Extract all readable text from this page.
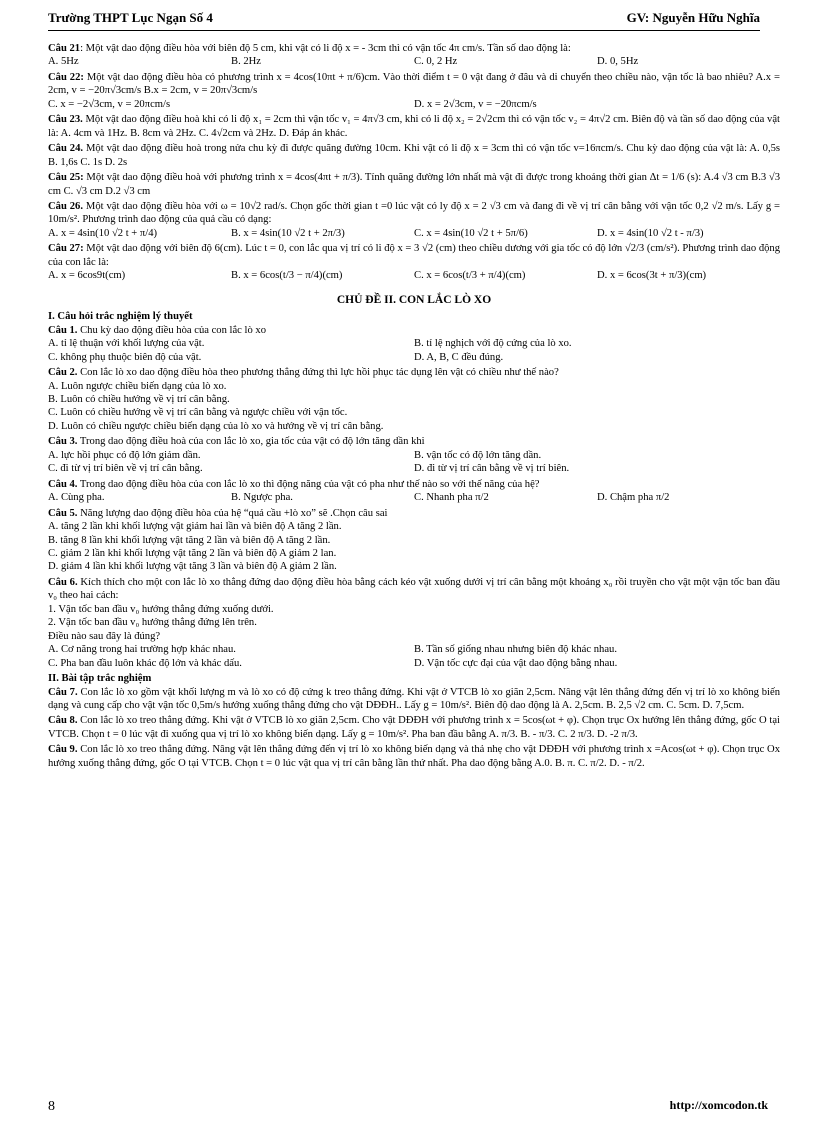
Trường THPT Lục Ngạn Số 4	GV: Nguyễn Hữu Nghĩa
Câu 21: Một vật dao động điều hòa với biên độ 5 cm, khi vật có li độ x = - 3cm thì có vận tốc 4π cm/s. Tần số dao động là:
A. 5Hz	B. 2Hz	C. 0, 2 Hz	D. 0, 5Hz
Câu 22: Một vật dao động điều hòa có phương trình x = 4cos(10πt + π/6)cm. Vào thời điểm t = 0 vật đang ở đâu và di chuyển theo chiều nào, vận tốc là bao nhiêu? A.x = 2cm, v = −20π√3cm/s B.x = 2cm, v = 20π√3cm/s
C. x = −2√3cm, v = 20πcm/s	D. x = 2√3cm, v = −20πcm/s
Câu 23. Một vật dao động điều hoà khi có li độ x₁ = 2cm thì vận tốc v₁ = 4π√3 cm, khi có li độ x₂ = 2√2cm thì có vận tốc v₂ = 4π√2 cm. Biên độ và tần số dao động của vật là: A. 4cm và 1Hz. B. 8cm và 2Hz. C. 4√2cm và 2Hz. D. Đáp án khác.
Câu 24. Một vật dao động điều hoà trong nửa chu kỳ đi được quãng đường 10cm. Khi vật có li độ x = 3cm thì có vận tốc v=16πcm/s. Chu kỳ dao động của vật là: A. 0,5s B. 1,6s C. 1s D. 2s
Câu 25: Một vật dao động điều hoà với phương trình x = 4cos(4πt + π/3). Tính quãng đường lớn nhất mà vật đi được trong khoảng thời gian Δt = 1/6 (s): A.4 √3 cm B.3 √3 cm C. √3 cm D.2 √3 cm
Câu 26. Một vật dao động điều hòa với ω = 10√2 rad/s. Chọn gốc thời gian t =0 lúc vật có ly độ x = 2 √3 cm và đang đi về vị trí cân bằng với vận tốc 0,2 √2 m/s. Lấy g = 10m/s². Phương trình dao động của quả cầu có dạng:
A. x = 4sin(10 √2 t + π/4)	B. x = 4sin(10 √2 t + 2π/3)	C. x = 4sin(10 √2 t + 5π/6)	D. x = 4sin(10 √2 t - π/3)
Câu 27: Một vật dao động với biên độ 6(cm). Lúc t = 0, con lắc qua vị trí có li độ x = 3 √2 (cm) theo chiều dương với gia tốc có độ lớn √2/3 (cm/s²). Phương trình dao động của con lắc là:
A. x = 6cos9t(cm)	B. x = 6cos(t/3 − π/4)(cm)	C. x = 6cos(t/3 + π/4)(cm)	D. x = 6cos(3t + π/3)(cm)
CHỦ ĐỀ II. CON LẮC LÒ XO
I. Câu hỏi trắc nghiệm lý thuyết
Câu 1. Chu kỳ dao động điều hòa của con lắc lò xo
A. tỉ lệ thuận với khối lượng của vật.	B. tỉ lệ nghịch với độ cứng của lò xo.
C. không phụ thuộc biên độ của vật.	D. A, B, C đều đúng.
Câu 2. Con lắc lò xo dao động điều hòa theo phương thẳng đứng thì lực hồi phục tác dụng lên vật có chiều như thế nào?
A. Luôn ngược chiều biến dạng của lò xo.
B. Luôn có chiều hướng về vị trí cân bằng.
C. Luôn có chiều hướng về vị trí cân bằng và ngược chiều với vận tốc.
D. Luôn có chiều ngược chiều biến dạng của lò xo và hướng về vị trí cân bằng.
Câu 3. Trong dao động điều hoà của con lắc lò xo, gia tốc của vật có độ lớn tăng dần khi
A. lực hồi phục có độ lớn giảm dần.	B. vận tốc có độ lớn tăng dần.
C. đi từ vị trí biên về vị trí cân bằng.	D. đi từ vị trí cân bằng về vị trí biên.
Câu 4. Trong dao động điều hòa của con lắc lò xo thì động năng của vật có pha như thế nào so với thế năng của hệ?
A. Cùng pha.	B. Ngược pha.	C. Nhanh pha π/2	D. Chậm pha π/2
Câu 5. Năng lượng dao động điều hòa của hệ “quả cầu +lò xo” sẽ .Chọn câu sai
A. tăng 2 lần khi khối lượng vật giảm hai lần và biên độ A tăng 2 lần.
B. tăng 8 lần khi khối lượng vật tăng 2 lần và biên độ A tăng 2 lần.
C. giảm 2 lần khi khối lượng vật tăng 2 lần và biên độ A giảm 2 lan.
D. giảm 4 lần khi khối lượng vật tăng 3 lần và biên độ A giảm 2 lần.
Câu 6. Kích thích cho một con lắc lò xo thẳng đứng dao động điều hòa bằng cách kéo vật xuống dưới vị trí cân bằng một khoảng x₀ rồi truyền cho vật một vận tốc ban đầu v₀ theo hai cách:
1. Vận tốc ban đầu v₀ hướng thẳng đứng xuống dưới.
2. Vận tốc ban đầu v₀ hướng thẳng đứng lên trên.
Điều nào sau đây là đúng?
A. Cơ năng trong hai trường hợp khác nhau.	B. Tần số giống nhau nhưng biên độ khác nhau.
C. Pha ban đầu luôn khác độ lớn và khác dấu.	D. Vận tốc cực đại của vật dao động bằng nhau.
II. Bài tập trắc nghiệm
Câu 7. Con lắc lò xo gồm vật khối lượng m và lò xo có độ cứng k treo thẳng đứng. Khi vật ở VTCB lò xo giãn 2,5cm. Nâng vật lên thẳng đứng đến vị trí lò xo không biến dạng và cung cấp cho vật vận tốc 0,5m/s hướng xuống thẳng đứng cho vật DĐĐH.. Lấy g = 10m/s². Biên độ dao động là A. 2,5cm. B. 2,5 √2 cm. C. 5cm. D. 7,5cm.
Câu 8. Con lắc lò xo treo thẳng đứng. Khi vật ở VTCB lò xo giãn 2,5cm. Cho vật DĐĐH với phương trình x = 5cos(ωt + φ). Chọn trục Ox hướng lên thẳng đứng, gốc O tại VTCB. Chọn t = 0 lúc vật đi xuống qua vị trí lò xo không biến dạng. Lấy g = 10m/s². Pha ban đầu bằng A. π/3. B. - π/3. C. 2 π/3. D. -2 π/3.
Câu 9. Con lắc lò xo treo thẳng đứng. Nâng vật lên thẳng đứng đến vị trí lò xo không biến dạng và thả nhẹ cho vật DĐĐH với phương trình x =Acos(ωt + φ). Chọn trục Ox hướng xuống thẳng đứng, gốc O tại VTCB. Chọn t = 0 lúc vật qua vị trí cân bằng lần thứ nhất. Pha dao động bằng A.0. B. π. C. π/2. D. - π/2.
8	http://xomcodon.tk
